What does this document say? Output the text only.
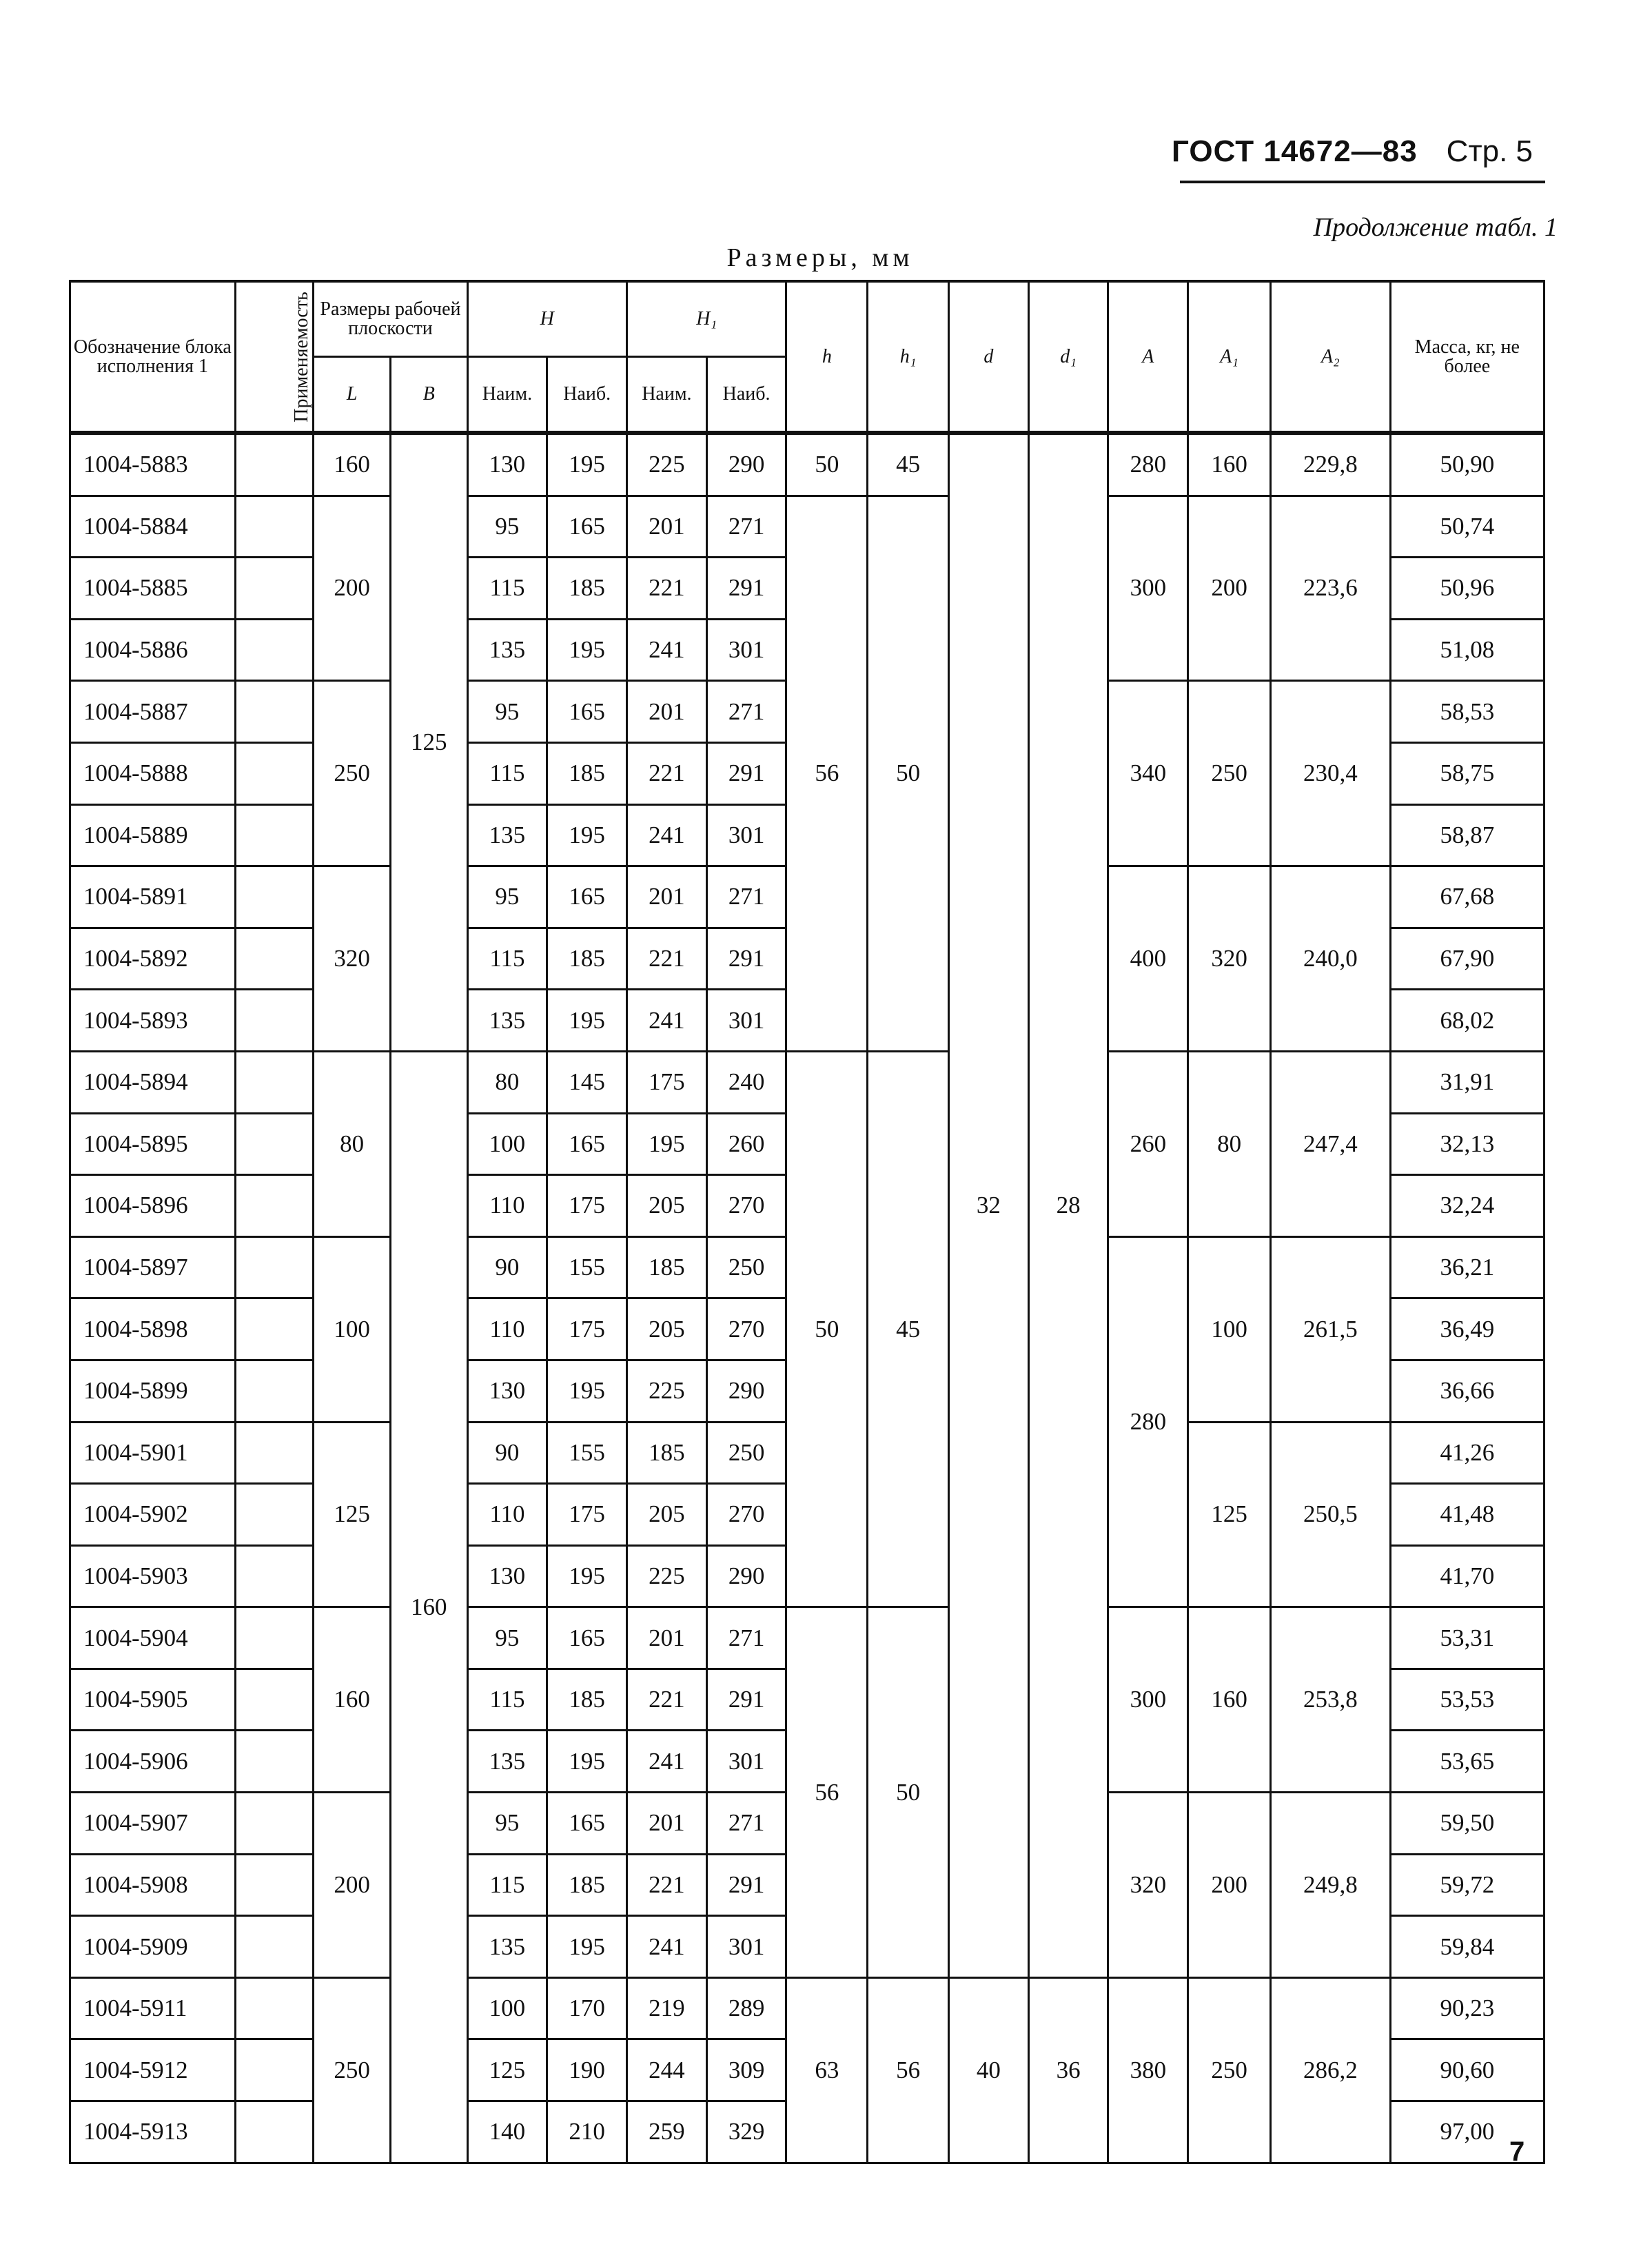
ГОСТ 14672—83 Стр. 5
Продолжение табл. 1
Размеры, мм
Обозначение блока исполнения 1	Применяемость	Размеры рабочей плоскости		H		H₁		h	h₁	d	d₁	A	A₁	A₂	Масса, кг, не более
		L	B	Наим.	Наиб.	Наим.	Наиб.								
1004-5883		160	125	130	195	225	290	50	45	32	28	280	160	229,8	50,90
1004-5884		200		95	165	201	271	56	50			300	200	223,6	50,74
1004-5885				115	185	221	291								50,96
1004-5886				135	195	241	301								51,08
1004-5887		250		95	165	201	271					340	250	230,4	58,53
1004-5888				115	185	221	291								58,75
1004-5889				135	195	241	301								58,87
1004-5891		320		95	165	201	271					400	320	240,0	67,68
1004-5892				115	185	221	291								67,90
1004-5893				135	195	241	301								68,02
1004-5894		80	160	80	145	175	240	50	45			260	80	247,4	31,91
1004-5895				100	165	195	260								32,13
1004-5896				110	175	205	270								32,24
1004-5897		100		90	155	185	250					280	100	261,5	36,21
1004-5898				110	175	205	270								36,49
1004-5899				130	195	225	290								36,66
1004-5901		125		90	155	185	250						125	250,5	41,26
1004-5902				110	175	205	270								41,48
1004-5903				130	195	225	290								41,70
1004-5904		160		95	165	201	271	56	50			300	160	253,8	53,31
1004-5905				115	185	221	291								53,53
1004-5906				135	195	241	301								53,65
1004-5907		200		95	165	201	271					320	200	249,8	59,50
1004-5908				115	185	221	291								59,72
1004-5909				135	195	241	301								59,84
1004-5911		250		100	170	219	289	63	56	40	36	380	250	286,2	90,23
1004-5912				125	190	244	309								90,60
1004-5913				140	210	259	329								97,00
7
